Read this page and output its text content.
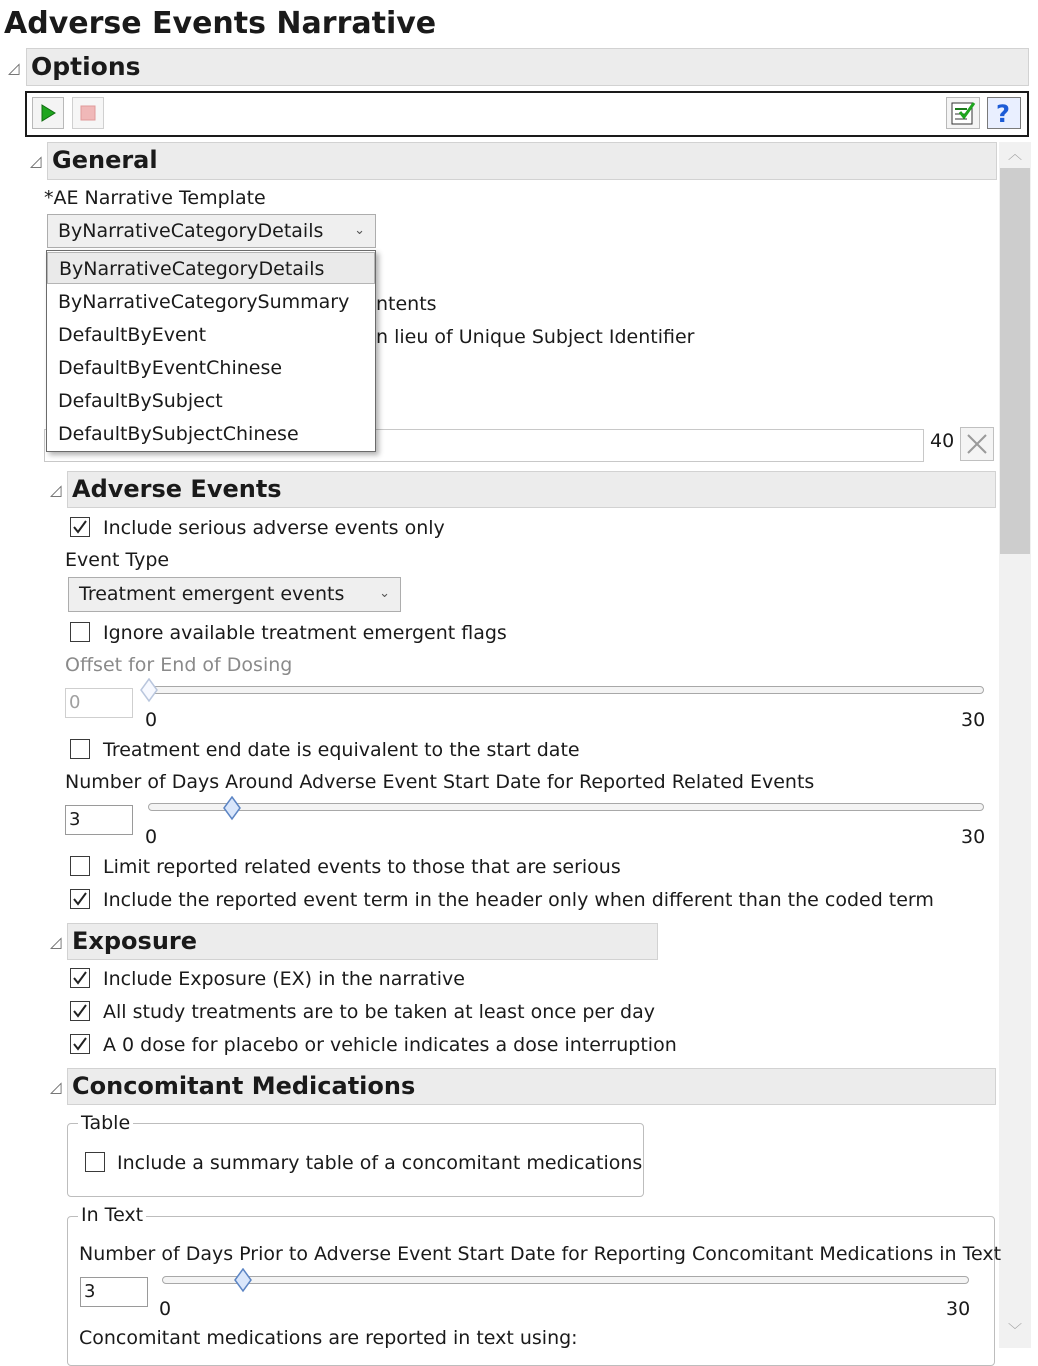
Adverse Events Narrative
◿ Options
?
︿
﹀
◿ General
*AE Narrative Template
ByNarrativeCategoryDetails ⌄
ntents
n lieu of Unique Subject Identifier
40
◿ Adverse Events
Include serious adverse events only
Event Type
Treatment emergent events	⌄
Ignore available treatment emergent flags
Offset for End of Dosing
0
0	30
Treatment end date is equivalent to the start date
Number of Days Around Adverse Event Start Date for Reported Related Events
3
0	30
Limit reported related events to those that are serious
Include the reported event term in the header only when different than the coded term
◿ Exposure
Include Exposure (EX) in the narrative
All study treatments are to be taken at least once per day
A 0 dose for placebo or vehicle indicates a dose interruption
◿ Concomitant Medications
Table
Include a summary table of a concomitant medications
In Text
Number of Days Prior to Adverse Event Start Date for Reporting Concomitant Medications in Text
3
0	30
Concomitant medications are reported in text using:
ByNarrativeCategoryDetails
ByNarrativeCategorySummary
DefaultByEvent
DefaultByEventChinese
DefaultBySubject
DefaultBySubjectChinese
